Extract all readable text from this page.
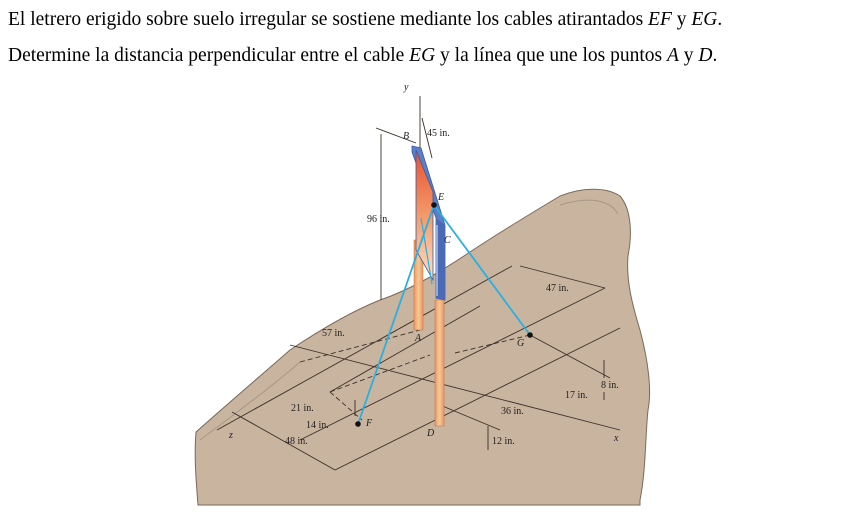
El letrero erigido sobre suelo irregular se sostiene mediante los cables atirantados EF y EG.

Determine la distancia perpendicular entre el cable EG y la línea que une los puntos A y D.

y
x
z
B
E
C
A	G
F
D
45 in.
96 in.
57 in.
47 in.
21 in.
14 in.
48 in.
36 in.
17 in.
8 in.
12 in.
